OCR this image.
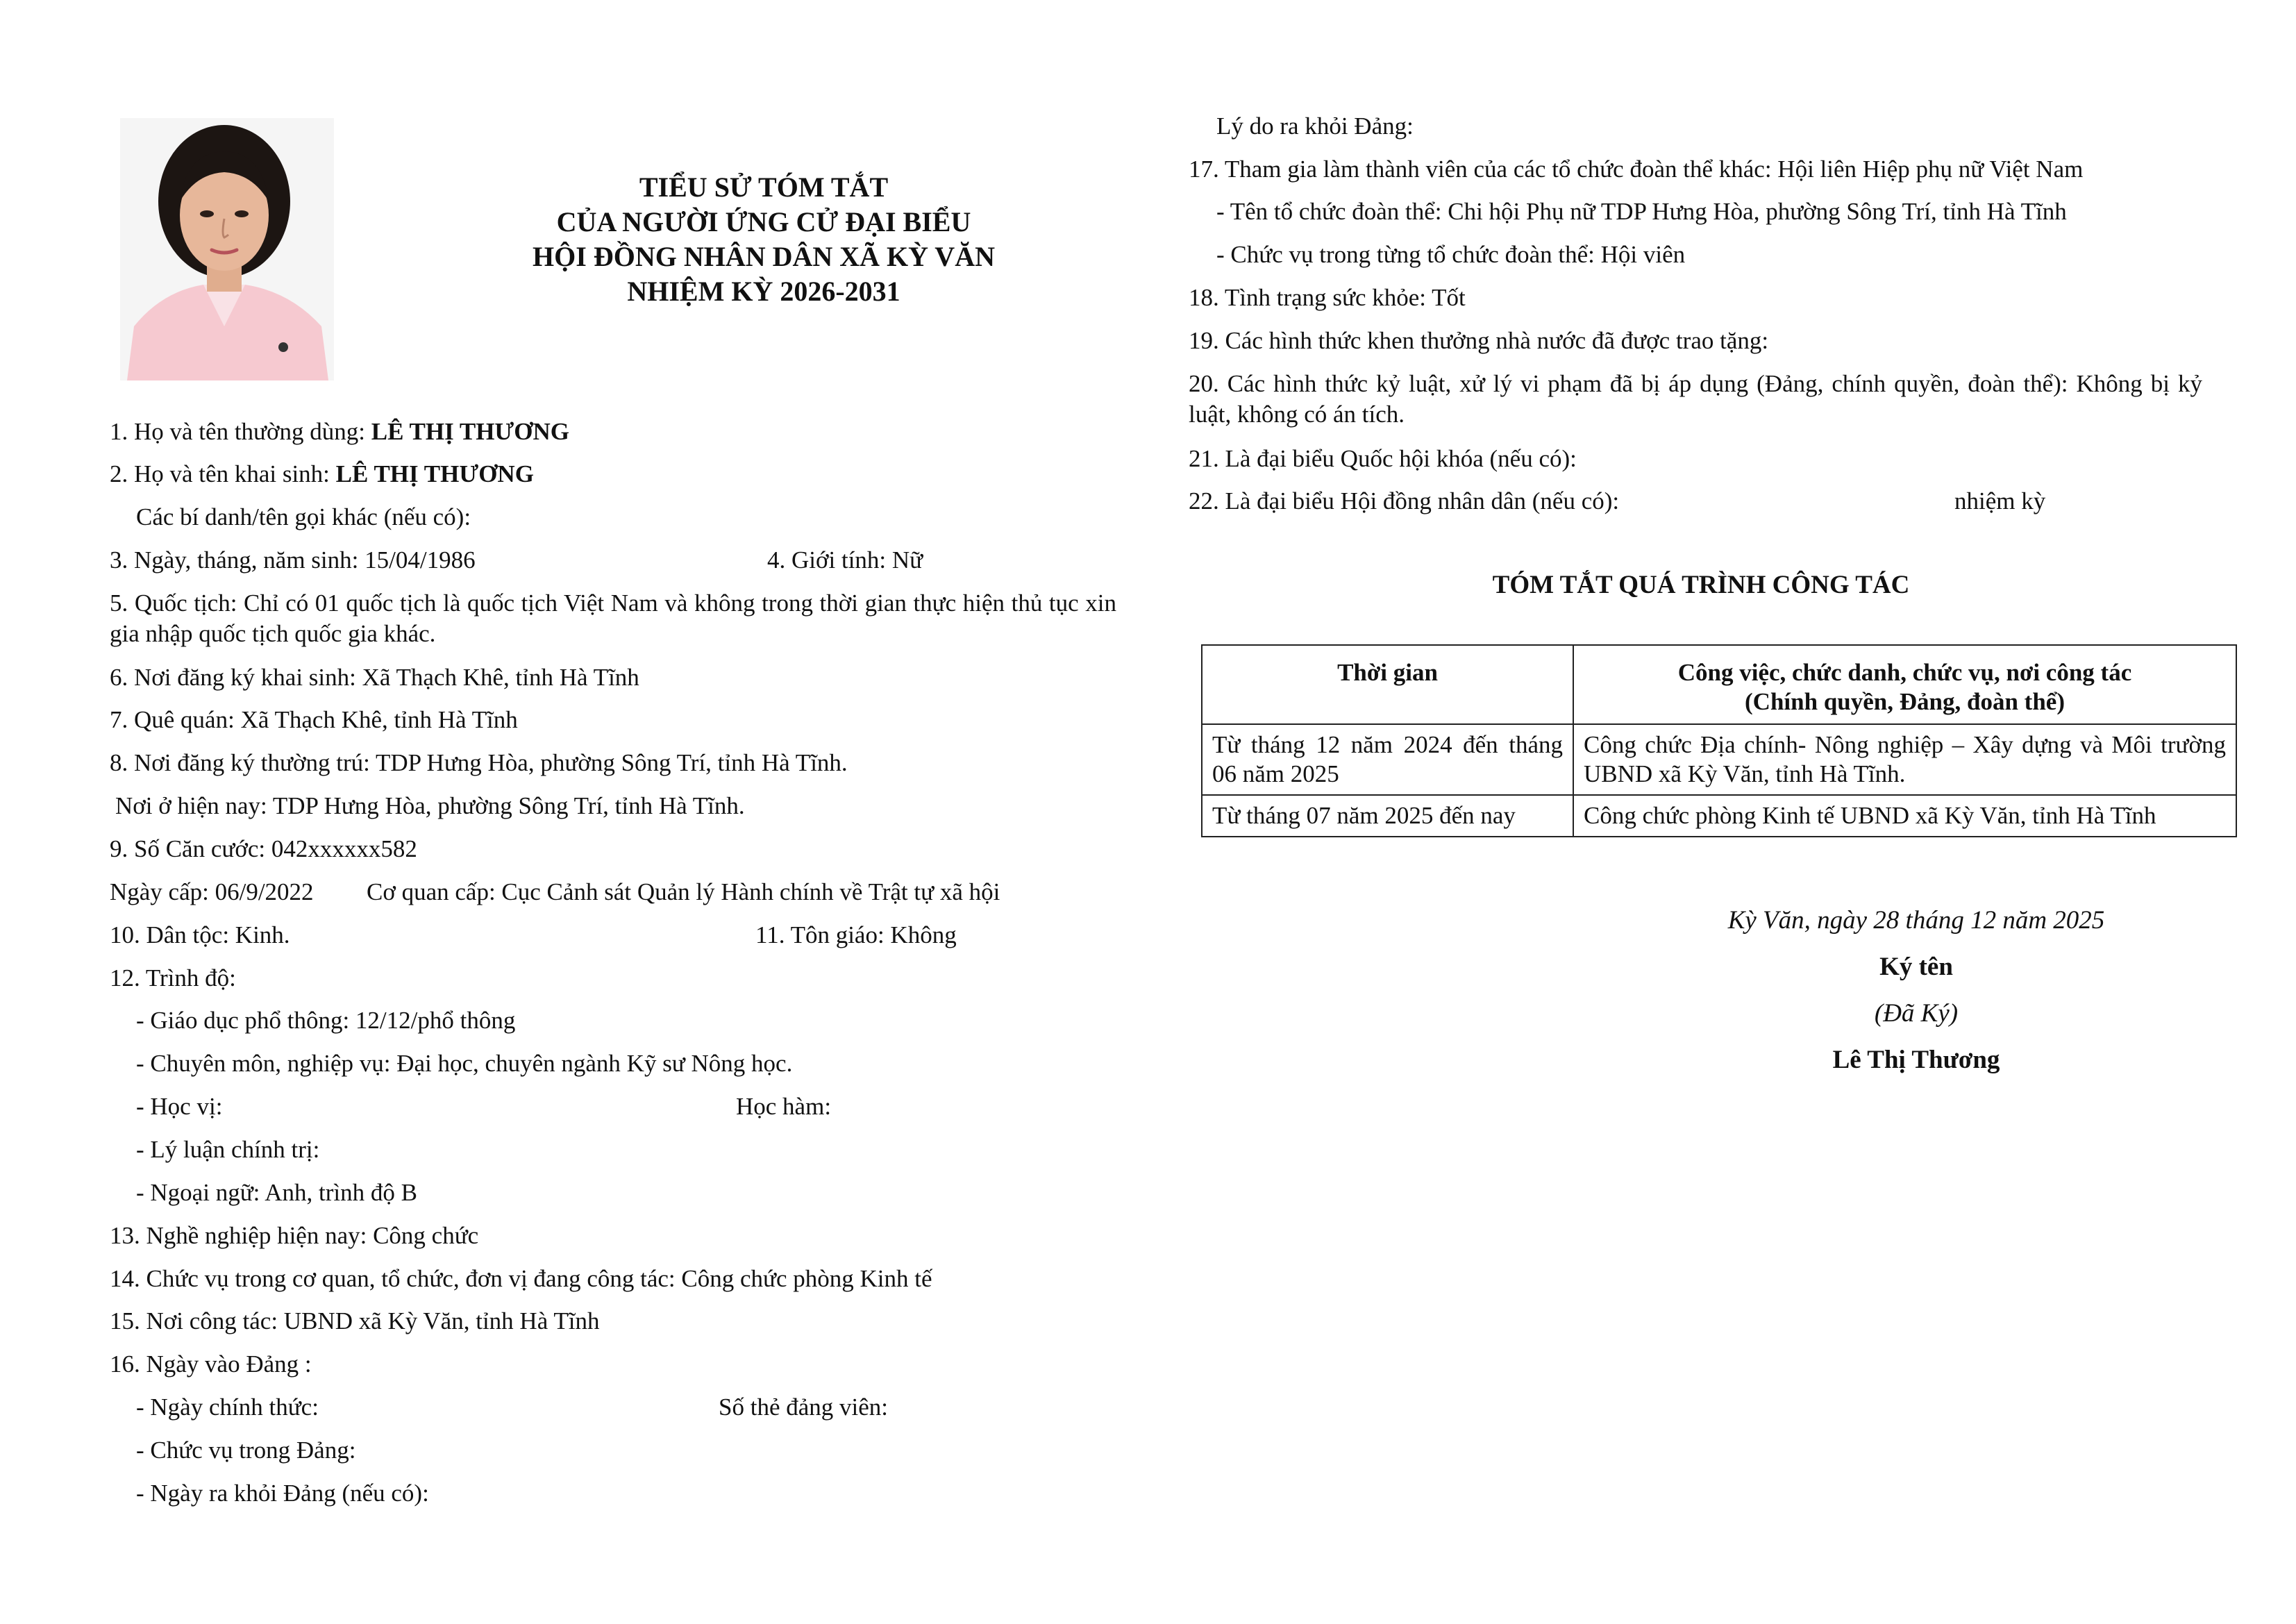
TIỂU SỬ TÓM TẮT
CỦA NGƯỜI ỨNG CỬ ĐẠI BIỂU
HỘI ĐỒNG NHÂN DÂN XÃ KỲ VĂN
NHIỆM KỲ 2026-2031
1. Họ và tên thường dùng: LÊ THỊ THƯƠNG
2. Họ và tên khai sinh: LÊ THỊ THƯƠNG
Các bí danh/tên gọi khác (nếu có):
3. Ngày, tháng, năm sinh: 15/04/1986	4. Giới tính: Nữ
5. Quốc tịch: Chỉ có 01 quốc tịch là quốc tịch Việt Nam và không trong thời gian thực hiện thủ tục xin gia nhập quốc tịch quốc gia khác.
6. Nơi đăng ký khai sinh: Xã Thạch Khê, tỉnh Hà Tĩnh
7. Quê quán: Xã Thạch Khê, tỉnh Hà Tĩnh
8. Nơi đăng ký thường trú: TDP Hưng Hòa, phường Sông Trí, tỉnh Hà Tĩnh.
Nơi ở hiện nay: TDP Hưng Hòa, phường Sông Trí, tỉnh Hà Tĩnh.
9. Số Căn cước: 042xxxxxx582
Ngày cấp: 06/9/2022 Cơ quan cấp: Cục Cảnh sát Quản lý Hành chính về Trật tự xã hội
10. Dân tộc: Kinh.	11. Tôn giáo: Không
12. Trình độ:
- Giáo dục phổ thông: 12/12/phổ thông
- Chuyên môn, nghiệp vụ: Đại học, chuyên ngành Kỹ sư Nông học.
- Học vị:	Học hàm:
- Lý luận chính trị:
- Ngoại ngữ: Anh, trình độ B
13. Nghề nghiệp hiện nay: Công chức
14. Chức vụ trong cơ quan, tổ chức, đơn vị đang công tác: Công chức phòng Kinh tế
15. Nơi công tác: UBND xã Kỳ Văn, tỉnh Hà Tĩnh
16. Ngày vào Đảng :
- Ngày chính thức:	Số thẻ đảng viên:
- Chức vụ trong Đảng:
- Ngày ra khỏi Đảng (nếu có):
Lý do ra khỏi Đảng:
17. Tham gia làm thành viên của các tổ chức đoàn thể khác: Hội liên Hiệp phụ nữ Việt Nam
- Tên tổ chức đoàn thể: Chi hội Phụ nữ TDP Hưng Hòa, phường Sông Trí, tỉnh Hà Tĩnh
- Chức vụ trong từng tổ chức đoàn thể: Hội viên
18. Tình trạng sức khỏe: Tốt
19. Các hình thức khen thưởng nhà nước đã được trao tặng:
20. Các hình thức kỷ luật, xử lý vi phạm đã bị áp dụng (Đảng, chính quyền, đoàn thể): Không bị kỷ luật, không có án tích.
21. Là đại biểu Quốc hội khóa (nếu có):
22. Là đại biểu Hội đồng nhân dân (nếu có):	nhiệm kỳ
TÓM TẮT QUÁ TRÌNH CÔNG TÁC
Thời gian	Công việc, chức danh, chức vụ, nơi công tác
(Chính quyền, Đảng, đoàn thể)

Từ tháng 12 năm 2024 đến tháng 06 năm 2025	Công chức Địa chính- Nông nghiệp – Xây dựng và Môi trường UBND xã Kỳ Văn, tỉnh Hà Tĩnh.
Từ tháng 07 năm 2025 đến nay	Công chức phòng Kinh tế UBND xã Kỳ Văn, tỉnh Hà Tĩnh
Kỳ Văn, ngày 28 tháng 12 năm 2025
Ký tên
(Đã Ký)
Lê Thị Thương
